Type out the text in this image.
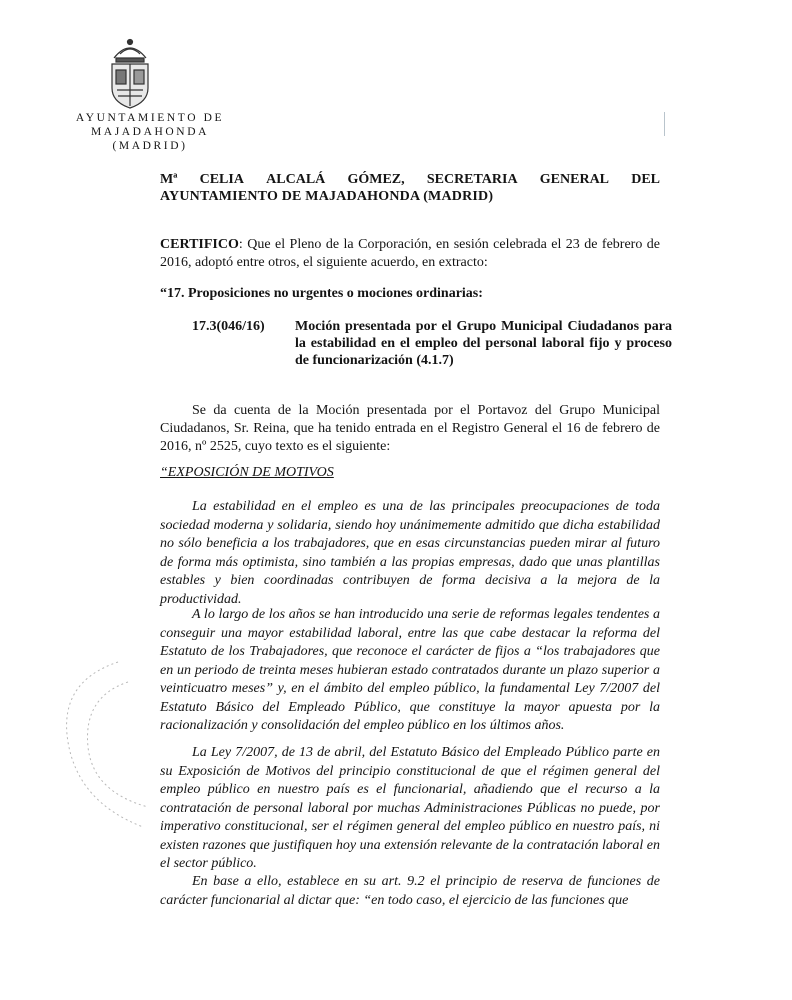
AYUNTAMIENTO DE
MAJADAHONDA
(MADRID)
Mª CELIA ALCALÁ GÓMEZ, SECRETARIA GENERAL DEL
AYUNTAMIENTO DE MAJADAHONDA (MADRID)
CERTIFICO: Que el Pleno de la Corporación, en sesión celebrada el 23 de febrero de 2016, adoptó entre otros, el siguiente acuerdo, en extracto:
“17. Proposiciones no urgentes o mociones ordinarias:
17.3(046/16)	Moción presentada por el Grupo Municipal Ciudadanos para la estabilidad en el empleo del personal laboral fijo y proceso de funcionarización (4.1.7)
Se da cuenta de la Moción presentada por el Portavoz del Grupo Municipal Ciudadanos, Sr. Reina, que ha tenido entrada en el Registro General el 16 de febrero de 2016, nº 2525, cuyo texto es el siguiente:
“EXPOSICIÓN DE MOTIVOS
La estabilidad en el empleo es una de las principales preocupaciones de toda sociedad moderna y solidaria, siendo hoy unánimemente admitido que dicha estabilidad no sólo beneficia a los trabajadores, que en esas circunstancias pueden mirar al futuro de forma más optimista, sino también a las propias empresas, dado que unas plantillas estables y bien coordinadas contribuyen de forma decisiva a la mejora de la productividad.
A lo largo de los años se han introducido una serie de reformas legales tendentes a conseguir una mayor estabilidad laboral, entre las que cabe destacar la reforma del Estatuto de los Trabajadores, que reconoce el carácter de fijos a “los trabajadores que en un periodo de treinta meses hubieran estado contratados durante un plazo superior a veinticuatro meses” y, en el ámbito del empleo público, la fundamental Ley 7/2007 del Estatuto Básico del Empleado Público, que constituye la mayor apuesta por la racionalización y consolidación del empleo público en los últimos años.
La Ley 7/2007, de 13 de abril, del Estatuto Básico del Empleado Público parte en su Exposición de Motivos del principio constitucional de que el régimen general del empleo público en nuestro país es el funcionarial, añadiendo que el recurso a la contratación de personal laboral por muchas Administraciones Públicas no puede, por imperativo constitucional, ser el régimen general del empleo público en nuestro país, ni existen razones que justifiquen hoy una extensión relevante de la contratación laboral en el sector público.
En base a ello, establece en su art. 9.2 el principio de reserva de funciones de carácter funcionarial al dictar que: “en todo caso, el ejercicio de las funciones que
